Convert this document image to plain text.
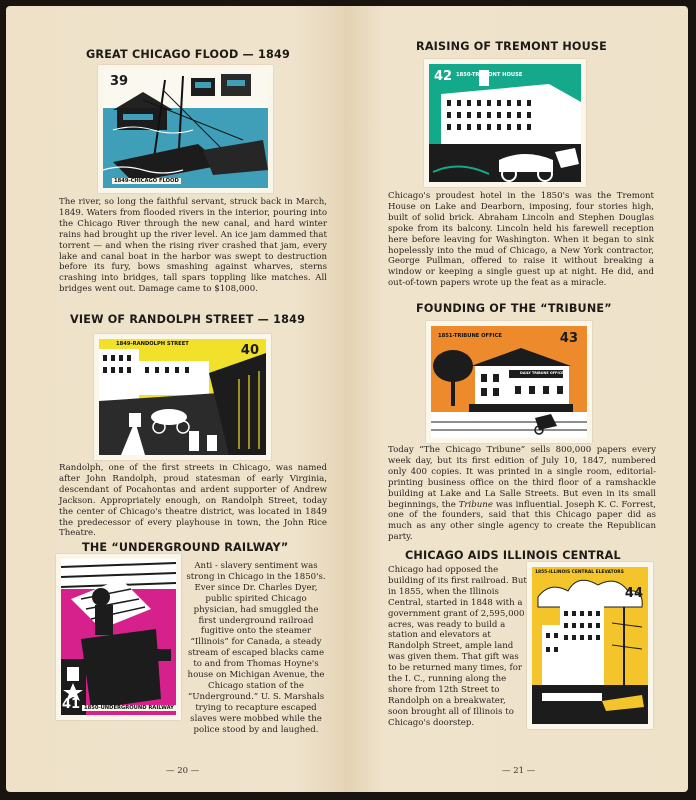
GREAT CHICAGO FLOOD — 1849
39
1849-CHICAGO FLOOD

The river, so long the faithful servant, struck back in March, 1849. Waters from flooded rivers in the interior, pouring into the Chicago River through the new canal, and hard winter rains had brought up the river level. An ice jam dammed that torrent — and when the rising river crashed that jam, every lake and canal boat in the harbor was swept to destruction before its fury, bows smashing against wharves, sterns crashing into bridges, tall spars toppling like matches. All bridges went out. Damage came to $108,000.

VIEW OF RANDOLPH STREET — 1849
1849-RANDOLPH STREET	40

Randolph, one of the first streets in Chicago, was named after John Randolph, proud statesman of early Virginia, descendant of Pocahontas and ardent supporter of Andrew Jackson. Appropriately enough, on Randolph Street, today the center of Chicago's theatre district, was located in 1849 the predecessor of every playhouse in town, the John Rice Theatre.

THE “UNDERGROUND RAILWAY”
41 1850-UNDERGROUND RAILWAY

Anti - slavery sentiment was strong in Chicago in the 1850's. Ever since Dr. Charles Dyer, public spirited Chicago physician, had smuggled the first underground railroad fugitive onto the steamer “Illinois” for Canada, a steady stream of escaped blacks came to and from Thomas Hoyne's house on Michigan Avenue, the Chicago station of the “Underground.” U. S. Marshals trying to recapture escaped slaves were mobbed while the police stood by and laughed.

— 20 —
RAISING OF TREMONT HOUSE
42 1850-TREMONT HOUSE

Chicago's proudest hotel in the 1850's was the Tremont House on Lake and Dearborn, imposing, four stories high, built of solid brick. Abraham Lincoln and Stephen Douglas spoke from its balcony. Lincoln held his farewell reception here before leaving for Washington. When it began to sink hopelessly into the mud of Chicago, a New York contractor, George Pullman, offered to raise it without breaking a window or keeping a single guest up at night. He did, and out-of-town papers wrote up the feat as a miracle.

FOUNDING OF THE “TRIBUNE”
1851-TRIBUNE OFFICE	43
DAILY TRIBUNE OFFICE

Today “The Chicago Tribune” sells 800,000 papers every week day, but its first edition of July 10, 1847, numbered only 400 copies. It was printed in a single room, editorial-printing business office on the third floor of a ramshackle building at Lake and La Salle Streets. But even in its small beginnings, the Tribune was influential. Joseph K. C. Forrest, one of the founders, said that this Chicago paper did as much as any other single agency to create the Republican party.

CHICAGO AIDS ILLINOIS CENTRAL

Chicago had opposed the building of its first railroad. But in 1855, when the Illinois Central, started in 1848 with a government grant of 2,595,000 acres, was ready to build a station and elevators at Randolph Street, ample land was given them. That gift was to be returned many times, for the I. C., running along the shore from 12th Street to Randolph on a breakwater, soon brought all of Illinois to Chicago's doorstep.

1855-ILLINOIS CENTRAL ELEVATORS
44
— 21 —
